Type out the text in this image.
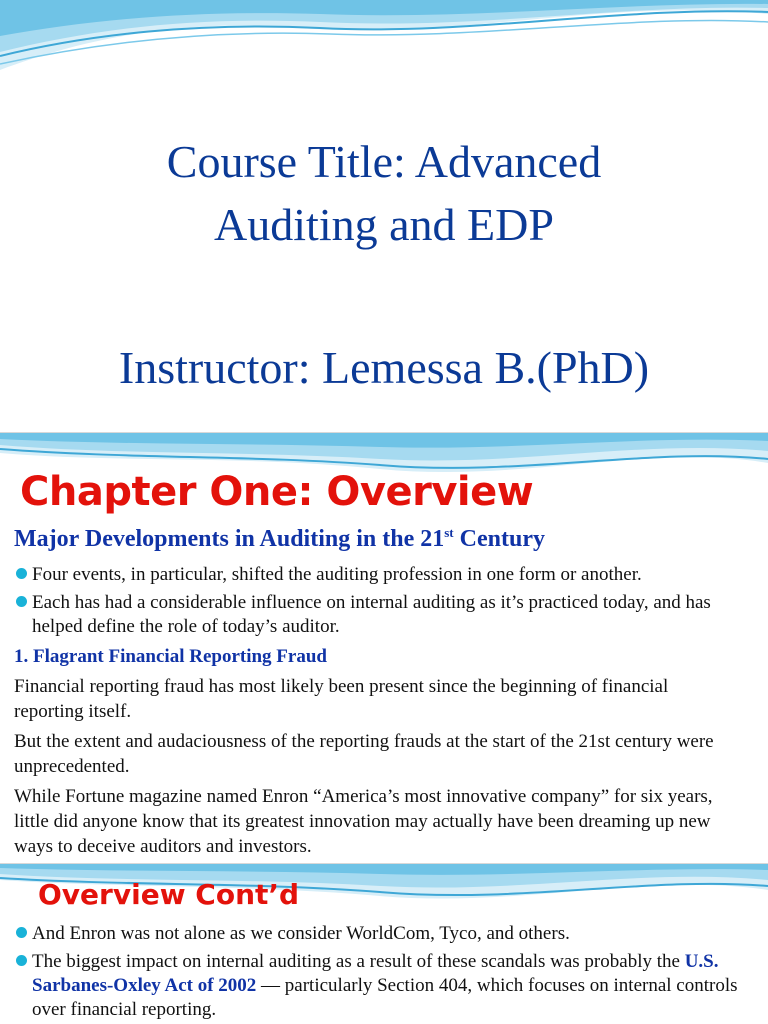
Course Title: Advanced
Auditing and EDP
Instructor: Lemessa B.(PhD)
Chapter One: Overview
Major Developments in Auditing in the 21st Century
Four events, in particular, shifted the auditing profession in one form or another.
Each has had a considerable influence on internal auditing as it’s practiced today, and has helped define the role of today’s auditor.
1. Flagrant Financial Reporting Fraud

Financial reporting fraud has most likely been present since the beginning of financial reporting itself.

But the extent and audaciousness of the reporting frauds at the start of the 21st century were unprecedented.

While Fortune magazine named Enron “America’s most innovative company” for six years, little did anyone know that its greatest innovation may actually have been dreaming up new ways to deceive auditors and investors.

Overview Cont’d
And Enron was not alone as we consider WorldCom, Tyco, and others.
The biggest impact on internal auditing as a result of these scandals was probably the U.S. Sarbanes-Oxley Act of 2002 — particularly Section 404, which focuses on internal controls over financial reporting.
